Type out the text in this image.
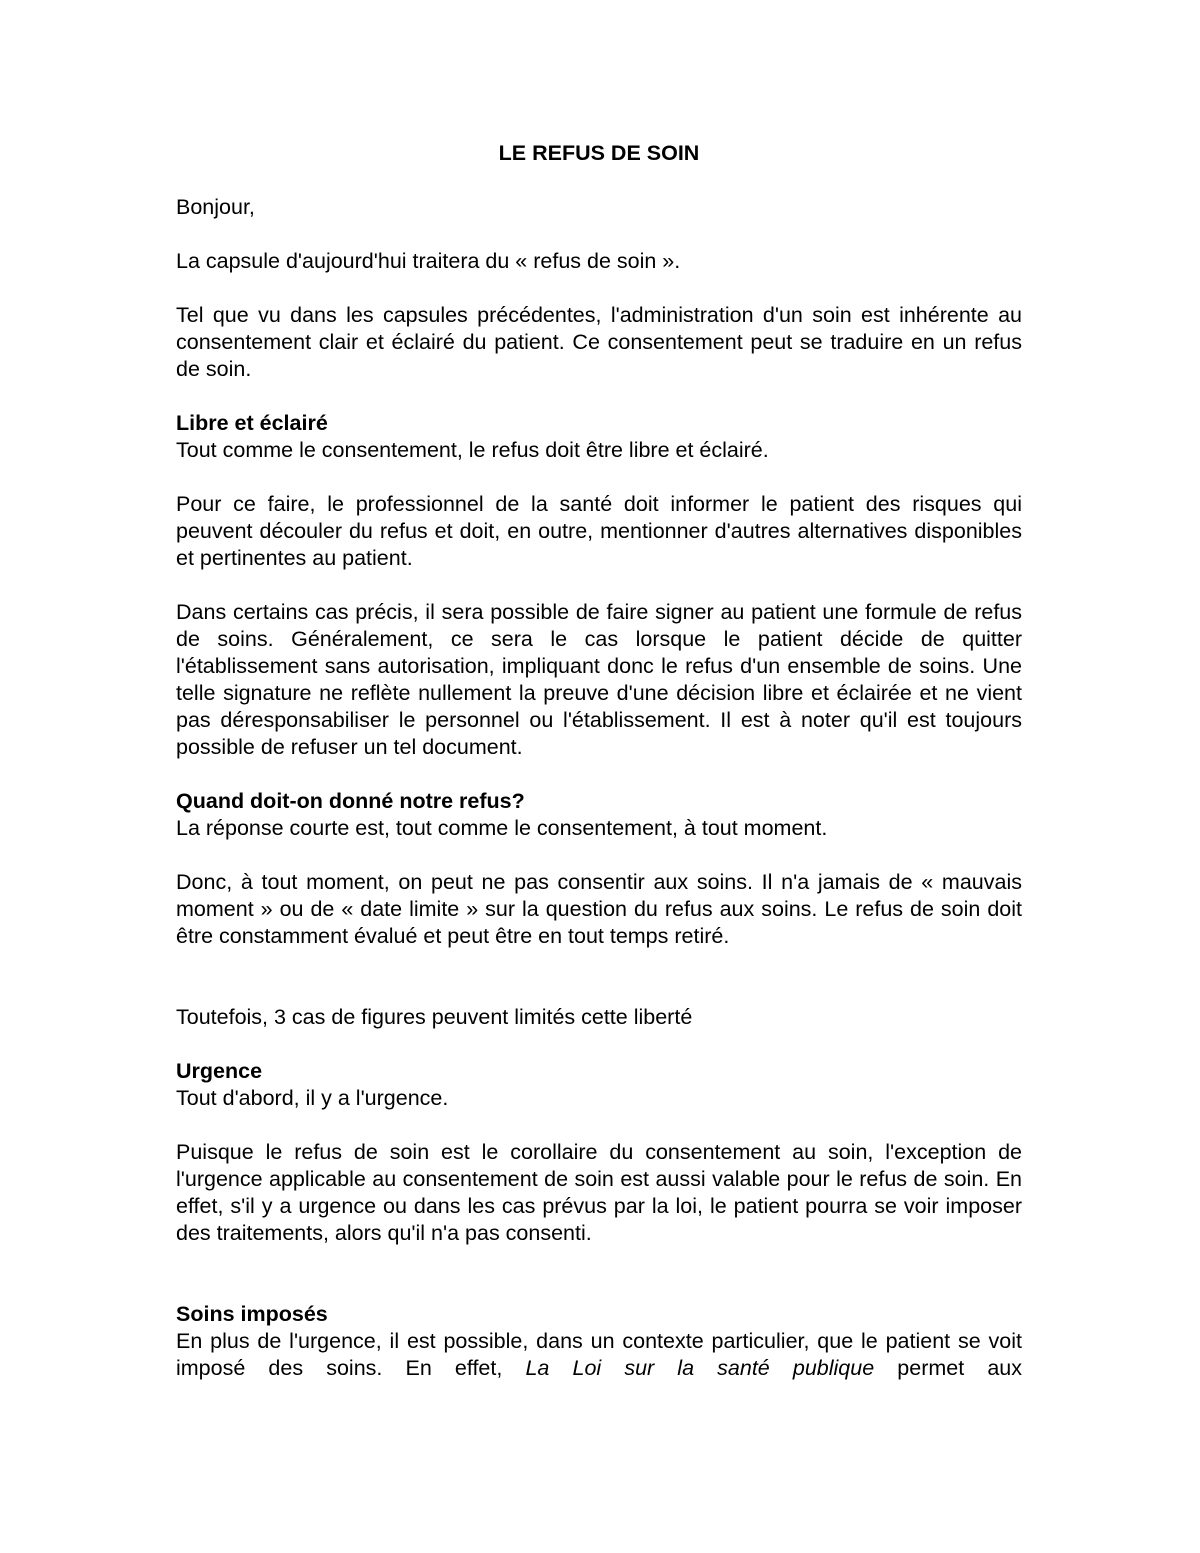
LE REFUS DE SOIN

Bonjour,

La capsule d'aujourd'hui traitera du « refus de soin ».

Tel que vu dans les capsules précédentes, l'administration d'un soin est inhérente au consentement clair et éclairé du patient. Ce consentement peut se traduire en un refus de soin.

Libre et éclairé
Tout comme le consentement, le refus doit être libre et éclairé.

Pour ce faire, le professionnel de la santé doit informer le patient des risques qui peuvent découler du refus et doit, en outre, mentionner d'autres alternatives disponibles et pertinentes au patient.

Dans certains cas précis, il sera possible de faire signer au patient une formule de refus de soins. Généralement, ce sera le cas lorsque le patient décide de quitter l'établissement sans autorisation, impliquant donc le refus d'un ensemble de soins. Une telle signature ne reflète nullement la preuve d'une décision libre et éclairée et ne vient pas déresponsabiliser le personnel ou l'établissement. Il est à noter qu'il est toujours possible de refuser un tel document.

Quand doit-on donné notre refus?
La réponse courte est, tout comme le consentement, à tout moment.

Donc, à tout moment, on peut ne pas consentir aux soins. Il n'a jamais de « mauvais moment » ou de « date limite » sur la question du refus aux soins. Le refus de soin doit être constamment évalué et peut être en tout temps retiré.

Toutefois, 3 cas de figures peuvent limités cette liberté

Urgence
Tout d'abord, il y a l'urgence.

Puisque le refus de soin est le corollaire du consentement au soin, l'exception de l'urgence applicable au consentement de soin est aussi valable pour le refus de soin. En effet, s'il y a urgence ou dans les cas prévus par la loi, le patient pourra se voir imposer des traitements, alors qu'il n'a pas consenti.

Soins imposés

En plus de l'urgence, il est possible, dans un contexte particulier, que le patient se voit imposé des soins. En effet, La Loi sur la santé publique permet aux
